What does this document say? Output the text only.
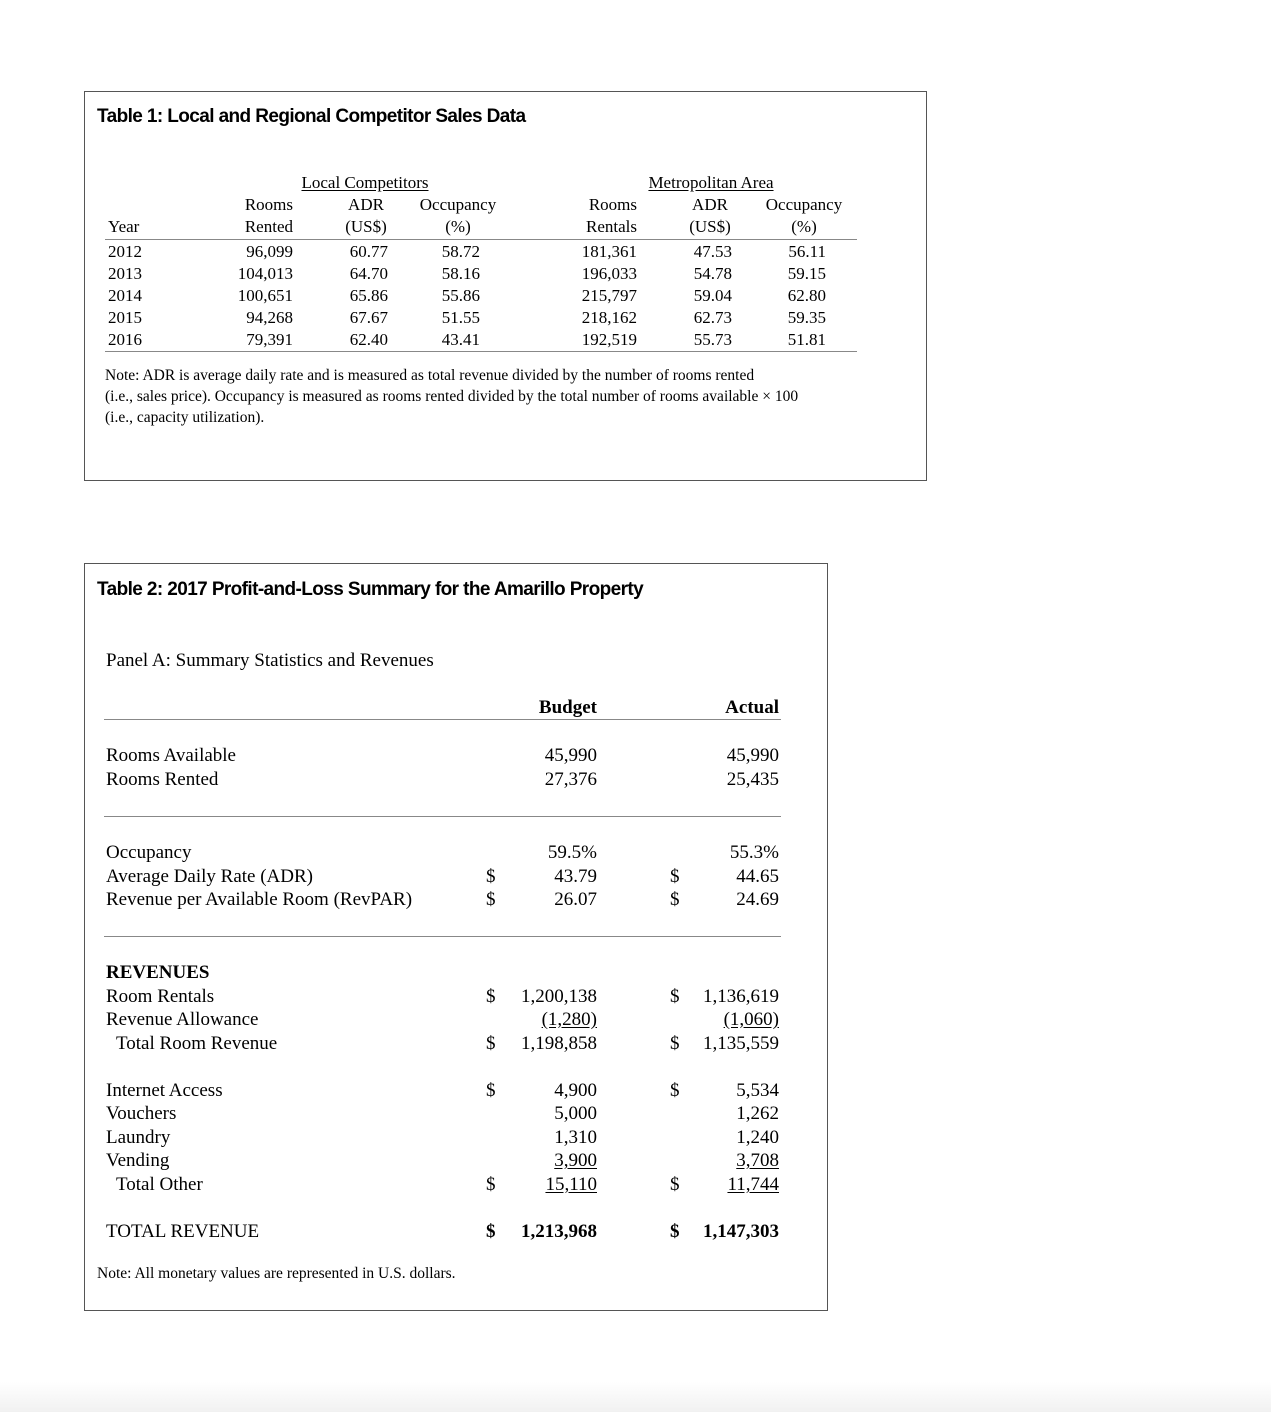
Table 1: Local and Regional Competitor Sales Data
Local Competitors	Metropolitan Area
Rooms	ADR	Occupancy	Rooms	ADR	Occupancy
Year	Rented	(US$)	(%)	Rentals	(US$)	(%)
2012	96,099	60.77	58.72	181,361	47.53	56.11
2013	104,013	64.70	58.16	196,033	54.78	59.15
2014	100,651	65.86	55.86	215,797	59.04	62.80
2015	94,268	67.67	51.55	218,162	62.73	59.35
2016	79,391	62.40	43.41	192,519	55.73	51.81
Note: ADR is average daily rate and is measured as total revenue divided by the number of rooms rented
(i.e., sales price). Occupancy is measured as rooms rented divided by the total number of rooms available × 100
(i.e., capacity utilization).
Table 2: 2017 Profit-and-Loss Summary for the Amarillo Property
Panel A: Summary Statistics and Revenues
Budget	Actual
Rooms Available	45,990	45,990
Rooms Rented	27,376	25,435
Occupancy	59.5%	55.3%
Average Daily Rate (ADR)	$	43.79	$	44.65
Revenue per Available Room (RevPAR)	$	26.07	$	24.69
REVENUES
Room Rentals	$	1,200,138	$	1,136,619
Revenue Allowance	(1,280)	(1,060)
Total Room Revenue	$	1,198,858	$	1,135,559
Internet Access	$	4,900	$	5,534
Vouchers	5,000	1,262
Laundry	1,310	1,240
Vending	3,900	3,708
Total Other	$	15,110	$	11,744
TOTAL REVENUE	$	1,213,968	$	1,147,303
Note: All monetary values are represented in U.S. dollars.
